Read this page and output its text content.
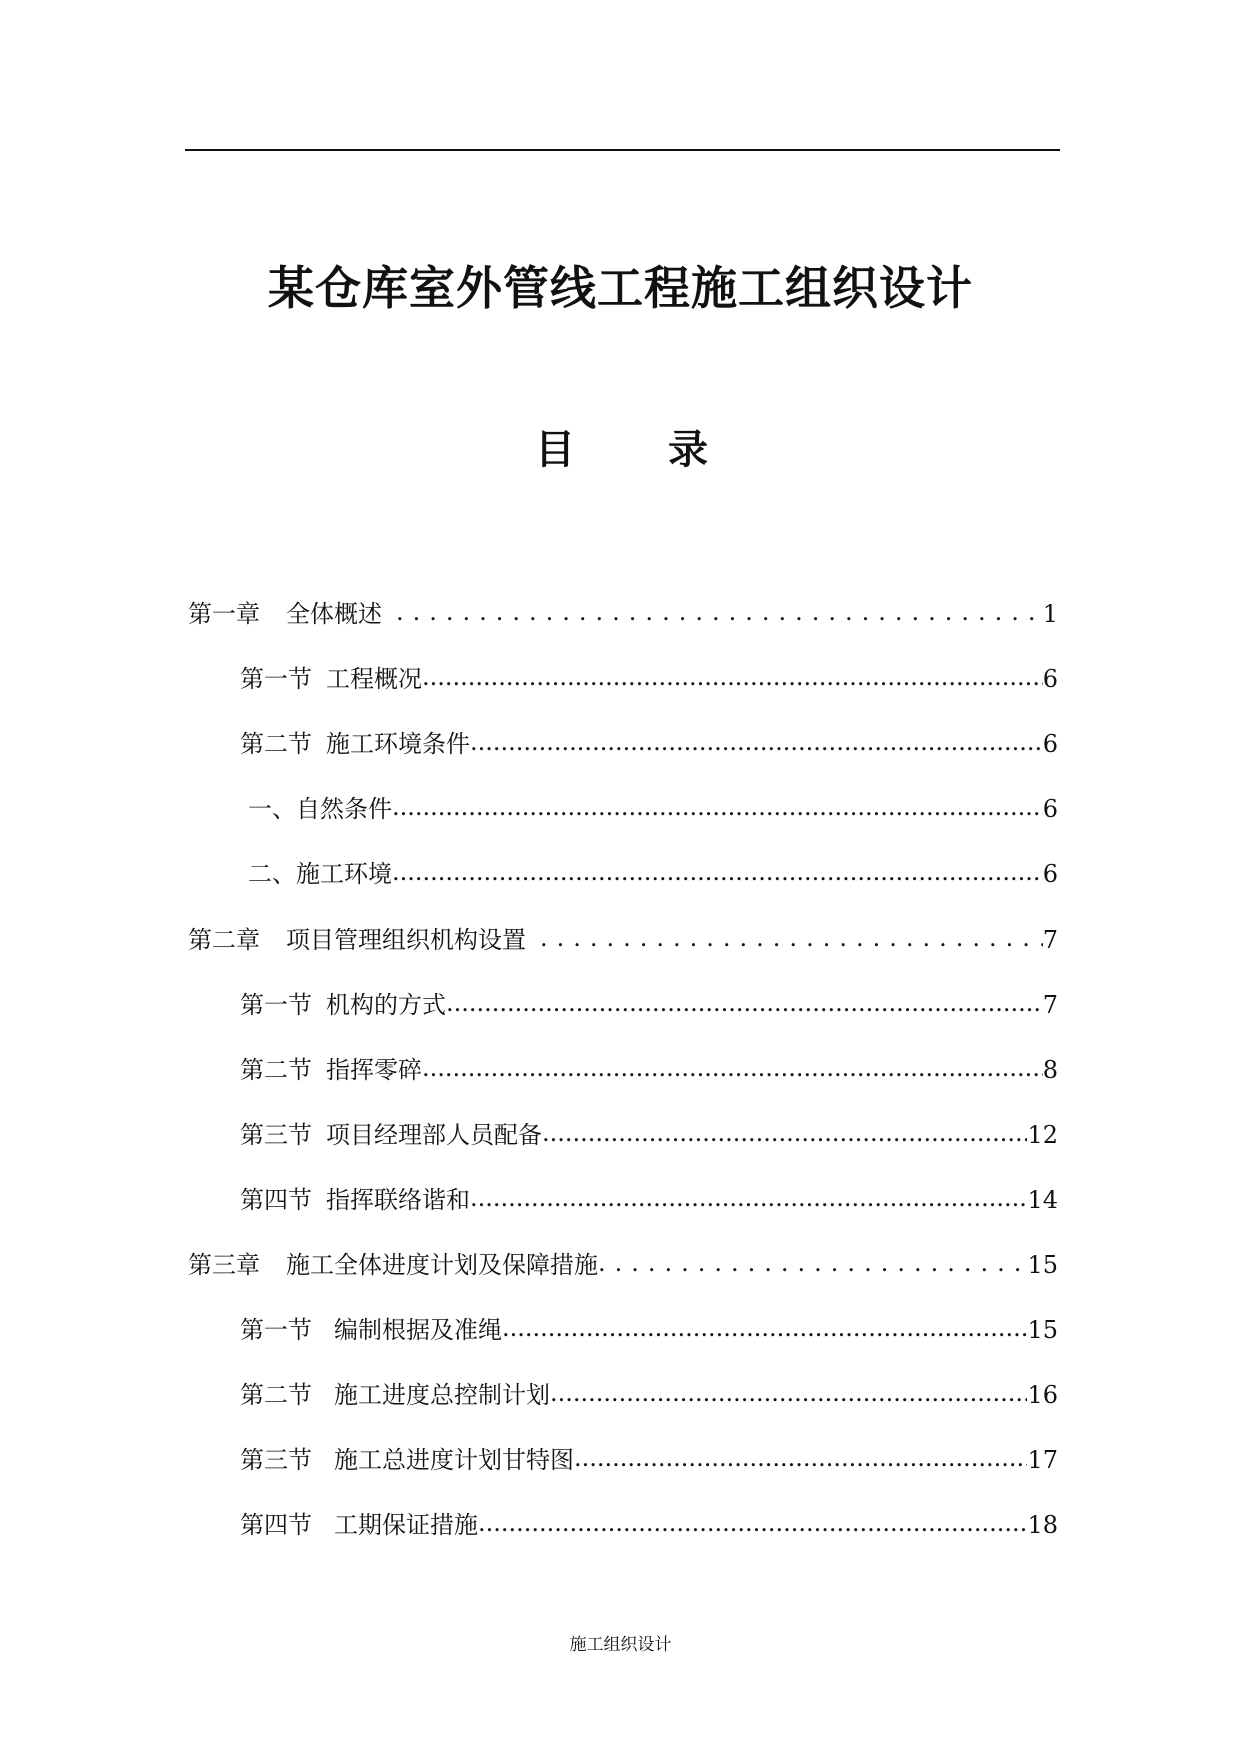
某仓库室外管线工程施工组织设计
目 录
第一章 全体概述 .....	1
第一节 工程概况 .....	6
第二节 施工环境条件 .....	6
一、 自然条件 .....	6
二、 施工环境 .....	6
第二章 项目管理组织机构设置 .....	7
第一节 机构的方式 .....	7
第二节 指挥零碎 .....	8
第三节 项目经理部人员配备 .....	12
第四节 指挥联络谐和 .....	14
第三章 施工全体进度计划及保障措施 .....	15
第一节 编制根据及准绳 .....	15
第二节 施工进度总控制计划 .....	16
第三节 施工总进度计划甘特图 .....	17
第四节 工期保证措施 .....	18
施工组织设计
